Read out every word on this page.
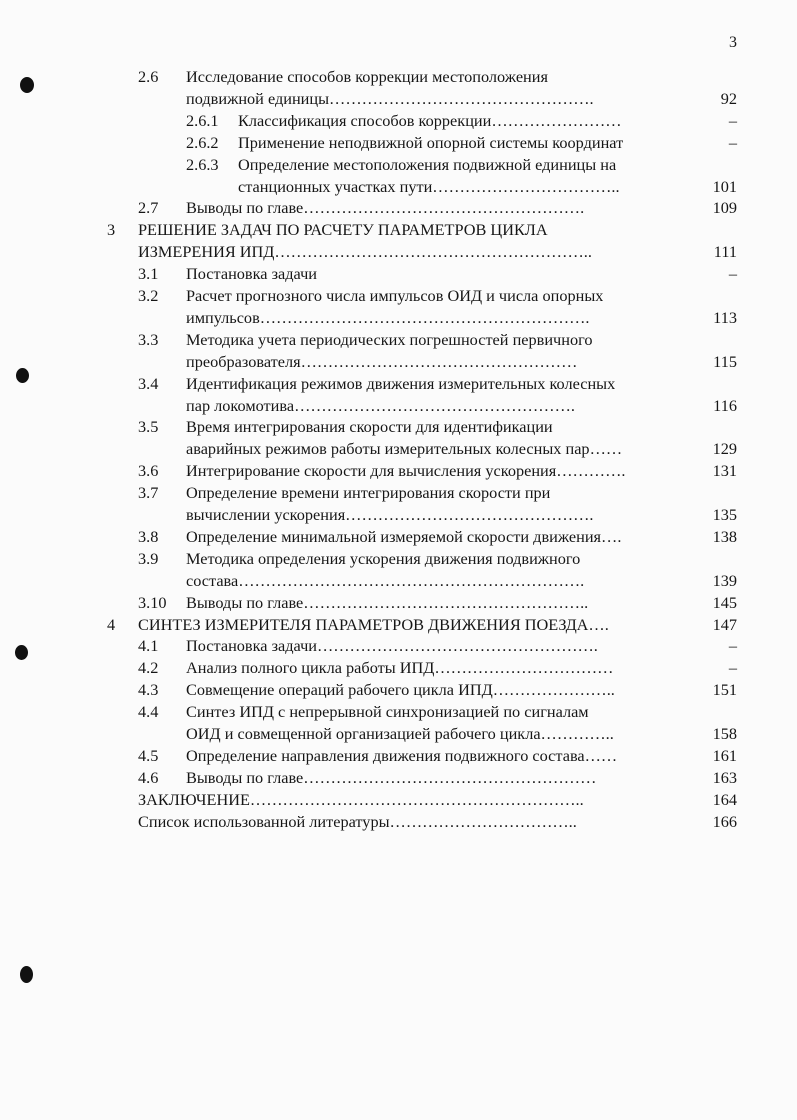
3
2.6 Исследование способов коррекции местоположения
подвижной единицы………………………………………….	92
2.6.1 Классификация способов коррекции……………………	–
2.6.2 Применение неподвижной опорной системы координат	–
2.6.3 Определение местоположения подвижной единицы на
станционных участках пути……………………………..	101
2.7 Выводы по главе…………………………………………….	109
3 РЕШЕНИЕ ЗАДАЧ ПО РАСЧЕТУ ПАРАМЕТРОВ ЦИКЛА
ИЗМЕРЕНИЯ ИПД…………………………………………………..	111
3.1 Постановка задачи	–
3.2 Расчет прогнозного числа импульсов ОИД и числа опорных
импульсов…………………………………………………….	113
3.3 Методика учета периодических погрешностей первичного
преобразователя……………………………………………	115
3.4 Идентификация режимов движения измерительных колесных
пар локомотива…………………………………………….	116
3.5 Время интегрирования скорости для идентификации
аварийных режимов работы измерительных колесных пар……	129
3.6 Интегрирование скорости для вычисления ускорения………….	131
3.7 Определение времени интегрирования скорости при
вычислении ускорения……………………………………….	135
3.8 Определение минимальной измеряемой скорости движения….	138
3.9 Методика определения ускорения движения подвижного
состава……………………………………………………….	139
3.10 Выводы по главе……………………………………………..	145
4 СИНТЕЗ ИЗМЕРИТЕЛЯ ПАРАМЕТРОВ ДВИЖЕНИЯ ПОЕЗДА….	147
4.1 Постановка задачи…………………………………………….	–
4.2 Анализ полного цикла работы ИПД……………………………	–
4.3 Совмещение операций рабочего цикла ИПД…………………..	151
4.4 Синтез ИПД с непрерывной синхронизацией по сигналам
ОИД и совмещенной организацией рабочего цикла…………..	158
4.5 Определение направления движения подвижного состава……	161
4.6 Выводы по главе………………………………………………	163
ЗАКЛЮЧЕНИЕ……………………………………………………..	164
Список использованной литературы……………………………..	166
